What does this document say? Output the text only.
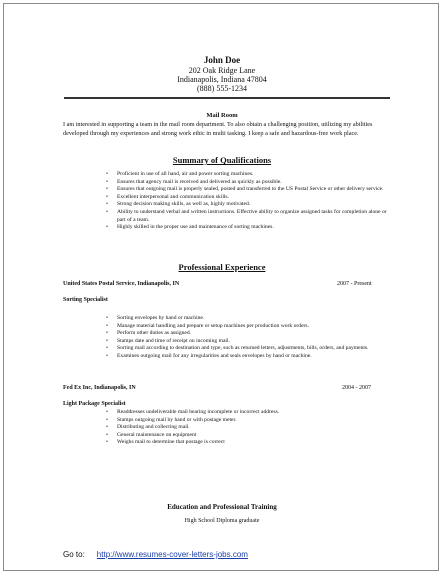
John Doe
202 Oak Ridge Lane
Indianapolis, Indiana 47804
(888) 555-1234
Mail Room
I am interested in supporting a team in the mail room department. To also obtain a challenging position, utilizing my abilities developed through my experiences and strong work ethic in multi tasking. I keep a safe and hazardous-free work place.
Summary of Qualifications
• Proficient in use of all hand, air and power sorting machines.
• Ensures that agency mail is received and delivered as quickly as possible.
• Ensures that outgoing mail is properly sealed, posted and transferred to the US Postal Service or other delivery service.
• Excellent interpersonal and communication skills.
• Strong decision making skills, as well as, highly motivated.
• Ability to understand verbal and written instructions. Effective ability to organize assigned tasks for completion alone or part of a team.
• Highly skilled in the proper use and maintenance of sorting machines.
Professional Experience
United States Postal Service, Indianapolis, IN	2007 - Present
Sorting Specialist
• Sorting envelopes by hand or machine.
• Manage material handling and prepare or setup machines per production work orders.
• Perform other duties as assigned.
• Stamps date and time of receipt on incoming mail.
• Sorting mail according to destination and type, such as returned letters, adjustments, bills, orders, and payments.
• Examines outgoing mail for any irregularities and seals envelopes by hand or machine.
Fed Ex Inc, Indianapolis, IN	2004 - 2007
Light Package Specialist
• Readdresses undeliverable mail bearing incomplete or incorrect address.
• Stamps outgoing mail by hand or with postage meter.
• Distributing and collecting mail.
• General maintenance on equipment
• Weighs mail to determine that postage is correct
Education and Professional Training
High School Diploma graduate
Go to: http://www.resumes-cover-letters-jobs.com
